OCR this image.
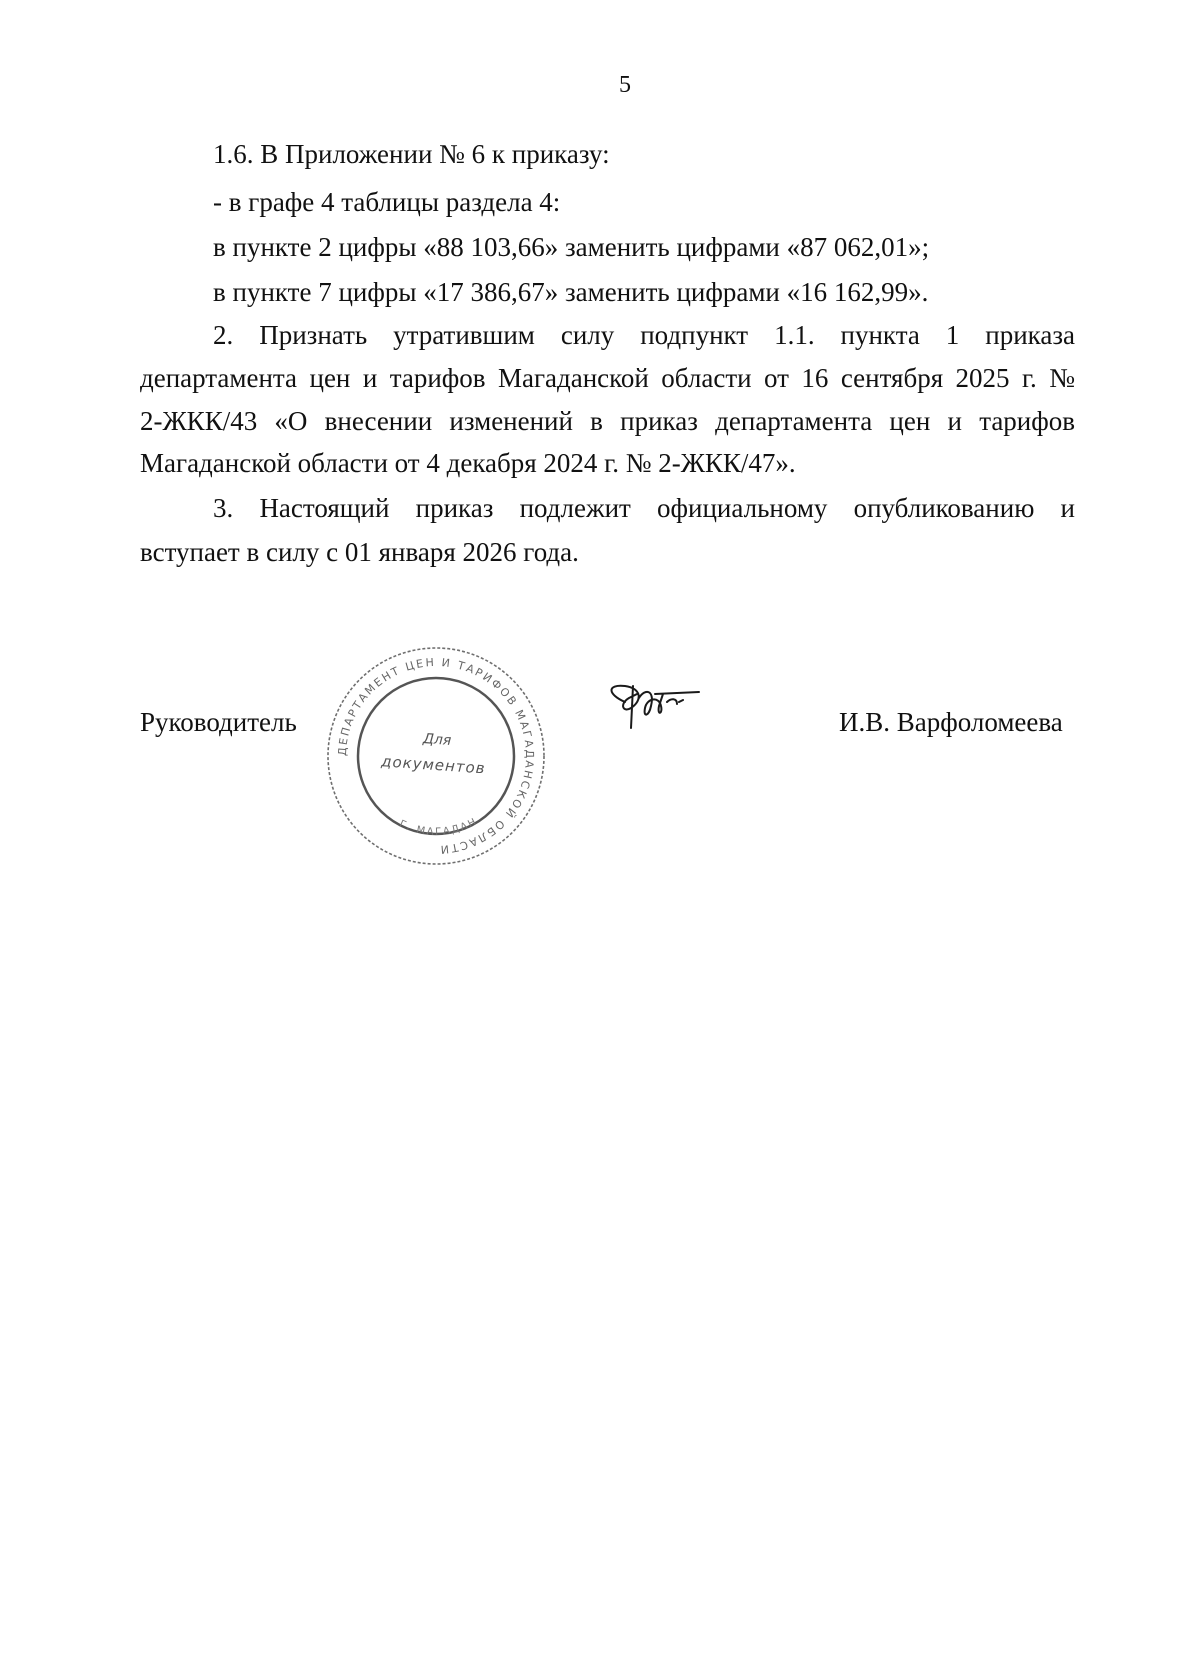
5
1.6. В Приложении № 6 к приказу:
- в графе 4 таблицы раздела 4:
в пункте 2 цифры «88 103,66» заменить цифрами «87 062,01»;
в пункте 7 цифры «17 386,67» заменить цифрами «16 162,99».
2. Признать утратившим силу подпункт 1.1. пункта 1 приказа
департамента цен и тарифов Магаданской области от 16 сентября 2025 г. №
2-ЖКК/43 «О внесении изменений в приказ департамента цен и тарифов
Магаданской области от 4 декабря 2024 г. № 2-ЖКК/47».
3. Настоящий приказ подлежит официальному опубликованию и
вступает в силу с 01 января 2026 года.
Руководитель
ДЕПАРТАМЕНТ ЦЕН И ТАРИФОВ МАГАДАНСКОЙ ОБЛАСТИ
Г. МАГАДАН
Для
документов
И.В. Варфоломеева
